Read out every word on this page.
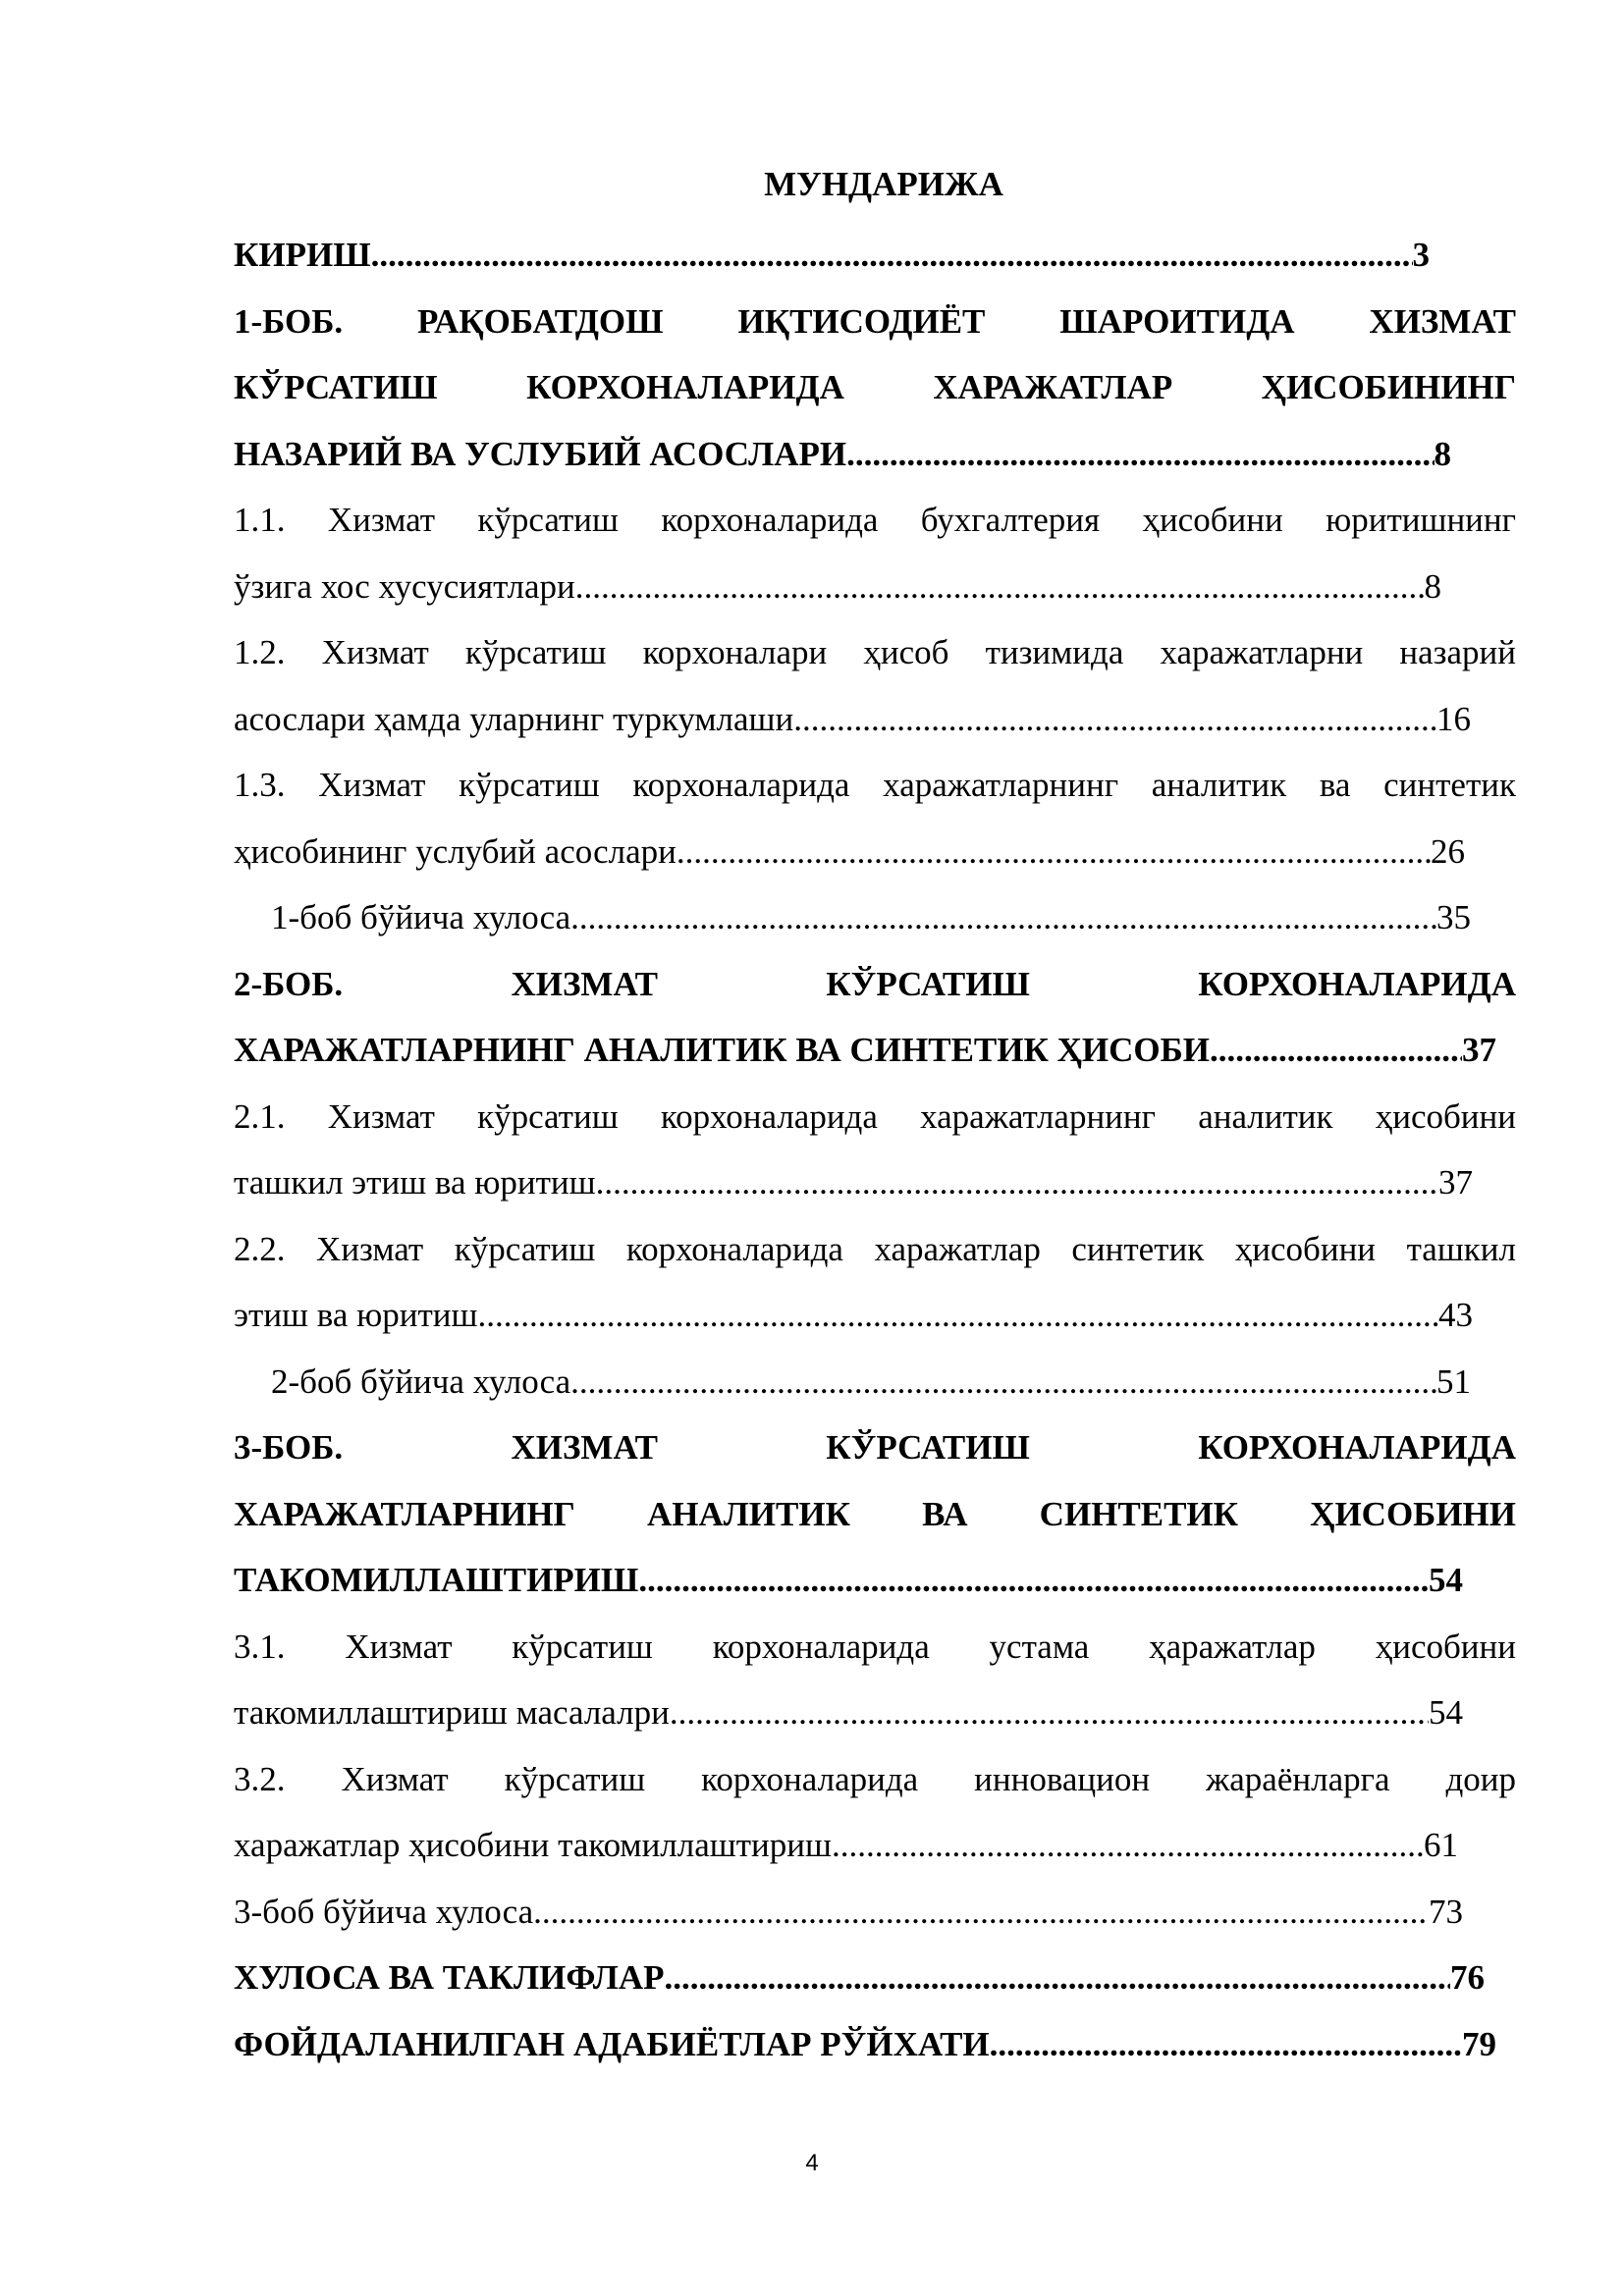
МУНДАРИЖА
КИРИШ .....	3
1-БОБ. РАҚОБАТДОШ ИҚТИСОДИЁТ ШАРОИТИДА ХИЗМАТ
КЎРСАТИШ КОРХОНАЛАРИДА ХАРАЖАТЛАР ҲИСОБИНИНГ
НАЗАРИЙ ВА УСЛУБИЙ АСОСЛАРИ .....	8
1.1. Хизмат кўрсатиш корхоналарида бухгалтерия ҳисобини юритишнинг
ўзига хос хусусиятлари .....	8
1.2. Хизмат кўрсатиш корхоналари ҳисоб тизимида харажатларни назарий
асослари ҳамда уларнинг туркумлаши .....	16
1.3. Хизмат кўрсатиш корхоналарида харажатларнинг аналитик ва синтетик
ҳисобининг услубий асослари .....	26
1-боб бўйича хулоса .....	35
2-БОБ. ХИЗМАТ КЎРСАТИШ КОРХОНАЛАРИДА
ХАРАЖАТЛАРНИНГ АНАЛИТИК ВА СИНТЕТИК ҲИСОБИ .....	37
2.1. Хизмат кўрсатиш корхоналарида харажатларнинг аналитик ҳисобини
ташкил этиш ва юритиш .....	37
2.2. Хизмат кўрсатиш корхоналарида харажатлар синтетик ҳисобини ташкил
этиш ва юритиш .....	43
2-боб бўйича хулоса .....	51
3-БОБ. ХИЗМАТ КЎРСАТИШ КОРХОНАЛАРИДА
ХАРАЖАТЛАРНИНГ АНАЛИТИК ВА СИНТЕТИК ҲИСОБИНИ
ТАКОМИЛЛАШТИРИШ .....	54
3.1. Хизмат кўрсатиш корхоналарида устама ҳаражатлар ҳисобини
такомиллаштириш масалалри .....	54
3.2. Хизмат кўрсатиш корхоналарида инновацион жараёнларга доир
харажатлар ҳисобини такомиллаштириш .....	61
3-боб бўйича хулоса .....	73
ХУЛОСА ВА ТАКЛИФЛАР .....	76
ФОЙДАЛАНИЛГАН АДАБИЁТЛАР РЎЙХАТИ .....	79
4
